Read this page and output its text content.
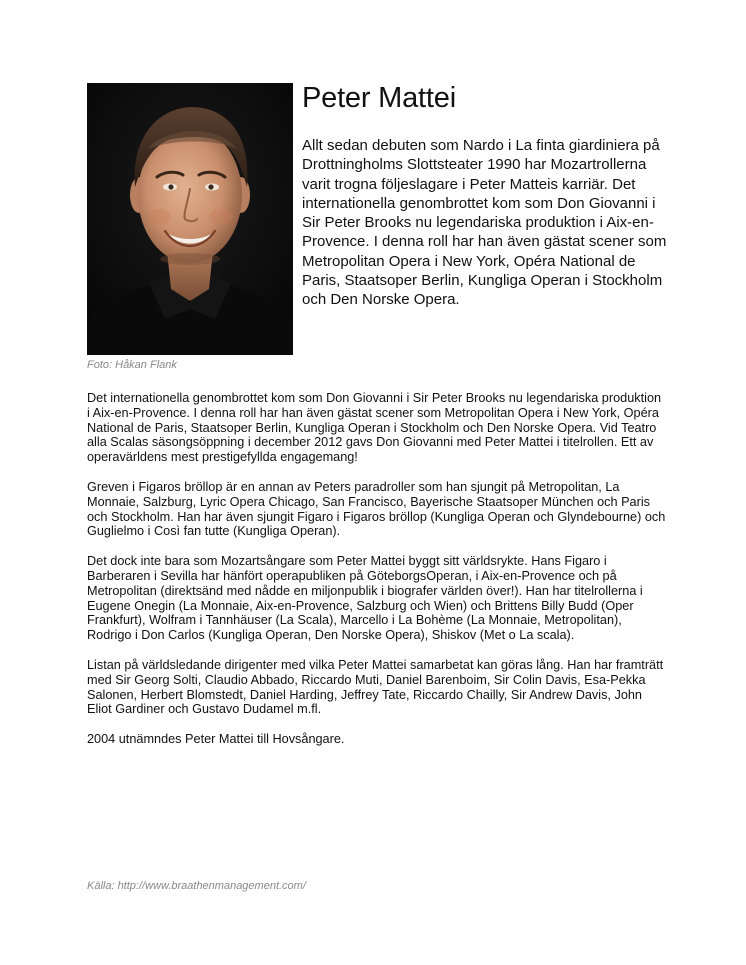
Foto: Håkan Flank
Peter Mattei

Allt sedan debuten som Nardo i La finta giardiniera på Drottningholms Slottsteater 1990 har Mozartrollerna varit trogna följeslagare i Peter Matteis karriär. Det internationella genombrottet kom som Don Giovanni i Sir Peter Brooks nu legendariska produktion i Aix-en-Provence. I denna roll har han även gästat scener som Metropolitan Opera i New York, Opéra National de Paris, Staatsoper Berlin, Kungliga Operan i Stockholm och Den Norske Opera.

Det internationella genombrottet kom som Don Giovanni i Sir Peter Brooks nu legendariska produktion i Aix-en-Provence. I denna roll har han även gästat scener som Metropolitan Opera i New York, Opéra National de Paris, Staatsoper Berlin, Kungliga Operan i Stockholm och Den Norske Opera. Vid Teatro alla Scalas säsongsöppning i december 2012 gavs Don Giovanni med Peter Mattei i titelrollen. Ett av operavärldens mest prestigefyllda engagemang!

Greven i Figaros bröllop är en annan av Peters paradroller som han sjungit på Metropolitan, La Monnaie, Salzburg, Lyric Opera Chicago, San Francisco, Bayerische Staatsoper München och Paris och Stockholm. Han har även sjungit Figaro i Figaros bröllop (Kungliga Operan och Glyndebourne) och Guglielmo i Così fan tutte (Kungliga Operan).

Det dock inte bara som Mozartsångare som Peter Mattei byggt sitt världsrykte. Hans Figaro i Barberaren i Sevilla har hänfört operapubliken på GöteborgsOperan, i Aix-en-Provence och på Metropolitan (direktsänd med nådde en miljonpublik i biografer världen över!). Han har titelrollerna i Eugene Onegin (La Monnaie, Aix-en-Provence, Salzburg och Wien) och Brittens Billy Budd (Oper Frankfurt), Wolfram i Tannhäuser (La Scala), Marcello i La Bohème (La Monnaie, Metropolitan), Rodrigo i Don Carlos (Kungliga Operan, Den Norske Opera), Shiskov (Met o La scala).

Listan på världsledande dirigenter med vilka Peter Mattei samarbetat kan göras lång. Han har framträtt med Sir Georg Solti, Claudio Abbado, Riccardo Muti, Daniel Barenboim, Sir Colin Davis, Esa-Pekka Salonen, Herbert Blomstedt, Daniel Harding, Jeffrey Tate, Riccardo Chailly, Sir Andrew Davis, John Eliot Gardiner och Gustavo Dudamel m.fl.

2004 utnämndes Peter Mattei till Hovsångare.

Källa: http://www.braathenmanagement.com/
